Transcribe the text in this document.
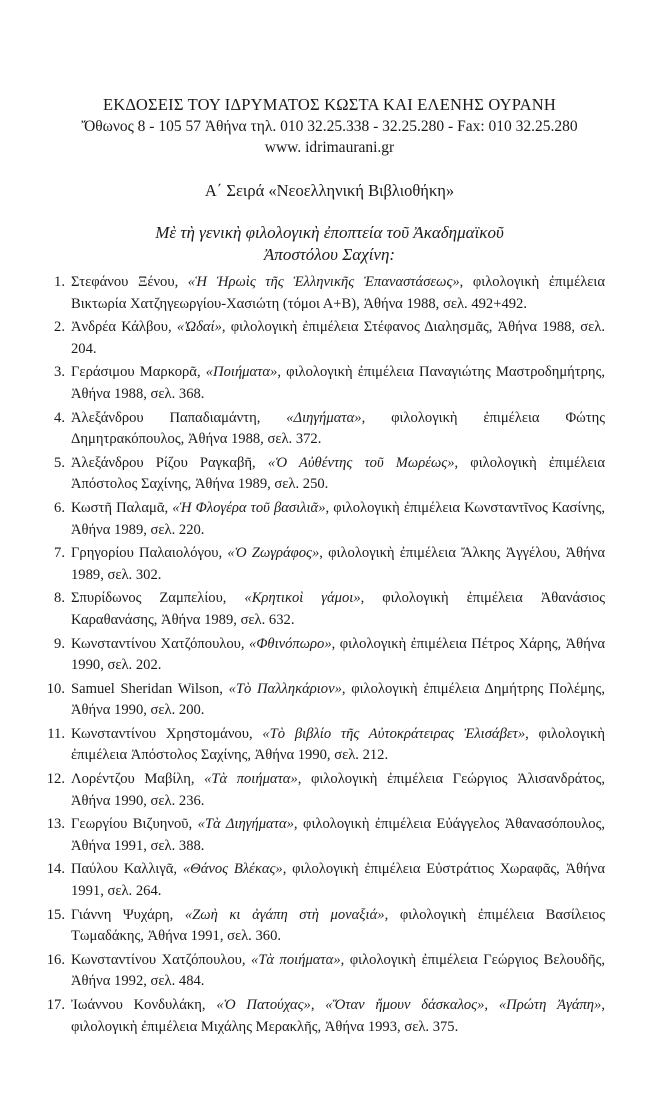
ΕΚΔΟΣΕΙΣ ΤΟΥ ΙΔΡΥΜΑΤΟΣ ΚΩΣΤΑ ΚΑΙ ΕΛΕΝΗΣ ΟΥΡΑΝΗ
Ὄθωνος 8 - 105 57 Ἀθήνα τηλ. 010 32.25.338 - 32.25.280 - Fax: 010 32.25.280
www. idrimaurani.gr
Α΄ Σειρά «Νεοελληνική Βιβλιοθήκη»
Μὲ τὴ γενικὴ φιλολογικὴ ἐποπτεία τοῦ Ἀκαδημαϊκοῦ
Ἀποστόλου Σαχίνη:
1. Στεφάνου Ξένου, «Ἡ Ἡρωὶς τῆς Ἑλληνικῆς Ἐπαναστάσεως», φιλολογικὴ ἐπιμέλεια Βικτωρία Χατζηγεωργίου-Χασιώτη (τόμοι Α+Β), Ἀθήνα 1988, σελ. 492+492.
2. Ἀνδρέα Κάλβου, «Ὠδαί», φιλολογικὴ ἐπιμέλεια Στέφανος Διαλησμᾶς, Ἀθήνα 1988, σελ. 204.
3. Γεράσιμου Μαρκορᾶ, «Ποιήματα», φιλολογικὴ ἐπιμέλεια Παναγιώτης Μαστροδημήτρης, Ἀθήνα 1988, σελ. 368.
4. Ἀλεξάνδρου Παπαδιαμάντη, «Διηγήματα», φιλολογικὴ ἐπιμέλεια Φώτης Δημητρακόπουλος, Ἀθήνα 1988, σελ. 372.
5. Ἀλεξάνδρου Ρίζου Ραγκαβῆ, «Ὁ Αὐθέντης τοῦ Μωρέως», φιλολογικὴ ἐπιμέλεια Ἀπόστολος Σαχίνης, Ἀθήνα 1989, σελ. 250.
6. Κωστῆ Παλαμᾶ, «Ἡ Φλογέρα τοῦ βασιλιᾶ», φιλολογικὴ ἐπιμέλεια Κωνσταντῖνος Κασίνης, Ἀθήνα 1989, σελ. 220.
7. Γρηγορίου Παλαιολόγου, «Ὁ Ζωγράφος», φιλολογικὴ ἐπιμέλεια Ἄλκης Ἀγγέλου, Ἀθήνα 1989, σελ. 302.
8. Σπυρίδωνος Ζαμπελίου, «Κρητικοὶ γάμοι», φιλολογικὴ ἐπιμέλεια Ἀθανάσιος Καραθανάσης, Ἀθήνα 1989, σελ. 632.
9. Κωνσταντίνου Χατζόπουλου, «Φθινόπωρο», φιλολογικὴ ἐπιμέλεια Πέτρος Χάρης, Ἀθήνα 1990, σελ. 202.
10. Samuel Sheridan Wilson, «Τὸ Παλληκάριον», φιλολογικὴ ἐπιμέλεια Δημήτρης Πολέμης, Ἀθήνα 1990, σελ. 200.
11. Κωνσταντίνου Χρηστομάνου, «Τὸ βιβλίο τῆς Αὐτοκράτειρας Ἐλισάβετ», φιλολογικὴ ἐπιμέλεια Ἀπόστολος Σαχίνης, Ἀθήνα 1990, σελ. 212.
12. Λορέντζου Μαβίλη, «Τὰ ποιήματα», φιλολογικὴ ἐπιμέλεια Γεώργιος Ἀλισανδράτος, Ἀθήνα 1990, σελ. 236.
13. Γεωργίου Βιζυηνοῦ, «Τὰ Διηγήματα», φιλολογικὴ ἐπιμέλεια Εὐάγγελος Ἀθανασόπουλος, Ἀθήνα 1991, σελ. 388.
14. Παύλου Καλλιγᾶ, «Θάνος Βλέκας», φιλολογικὴ ἐπιμέλεια Εὐστράτιος Χωραφᾶς, Ἀθήνα 1991, σελ. 264.
15. Γιάννη Ψυχάρη, «Ζωὴ κι ἀγάπη στὴ μοναξιά», φιλολογικὴ ἐπιμέλεια Βασίλειος Τωμαδάκης, Ἀθήνα 1991, σελ. 360.
16. Κωνσταντίνου Χατζόπουλου, «Τὰ ποιήματα», φιλολογικὴ ἐπιμέλεια Γεώργιος Βελουδῆς, Ἀθήνα 1992, σελ. 484.
17. Ἰωάννου Κονδυλάκη, «Ὁ Πατούχας», «Ὅταν ἤμουν δάσκαλος», «Πρώτη Ἀγάπη», φιλολογικὴ ἐπιμέλεια Μιχάλης Μερακλῆς, Ἀθήνα 1993, σελ. 375.
